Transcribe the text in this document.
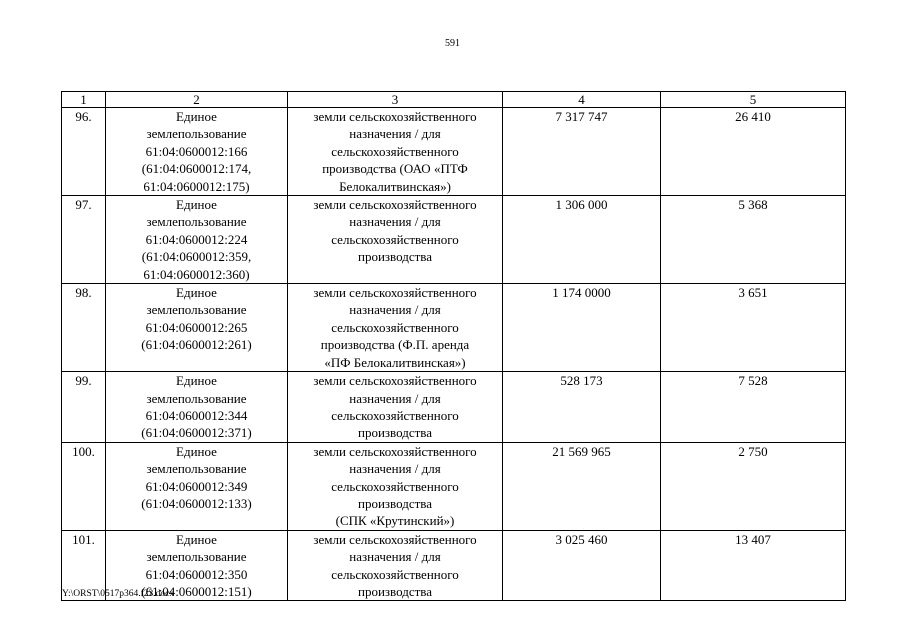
591
1	2	3	4	5
96.	Единое
землепользование
61:04:0600012:166
(61:04:0600012:174,
61:04:0600012:175)	земли сельскохозяйственного
назначения / для
сельскохозяйственного
производства (ОАО «ПТФ
Белокалитвинская»)	7 317 747	26 410
97.	Единое
землепользование
61:04:0600012:224
(61:04:0600012:359,
61:04:0600012:360)	земли сельскохозяйственного
назначения / для
сельскохозяйственного
производства	1 306 000	5 368
98.	Единое
землепользование
61:04:0600012:265
(61:04:0600012:261)	земли сельскохозяйственного
назначения / для
сельскохозяйственного
производства (Ф.П. аренда
«ПФ Белокалитвинская»)	1 174 0000	3 651
99.	Единое
землепользование
61:04:0600012:344
(61:04:0600012:371)	земли сельскохозяйственного
назначения / для
сельскохозяйственного
производства	528 173	7 528
100.	Единое
землепользование
61:04:0600012:349
(61:04:0600012:133)	земли сельскохозяйственного
назначения / для
сельскохозяйственного
производства
(СПК «Крутинский»)	21 569 965	2 750
101.	Единое
землепользование
61:04:0600012:350
(61:04:0600012:151)	земли сельскохозяйственного
назначения / для
сельскохозяйственного
производства	3 025 460	13 407
Y:\ORST\0517p364.f23.docx
